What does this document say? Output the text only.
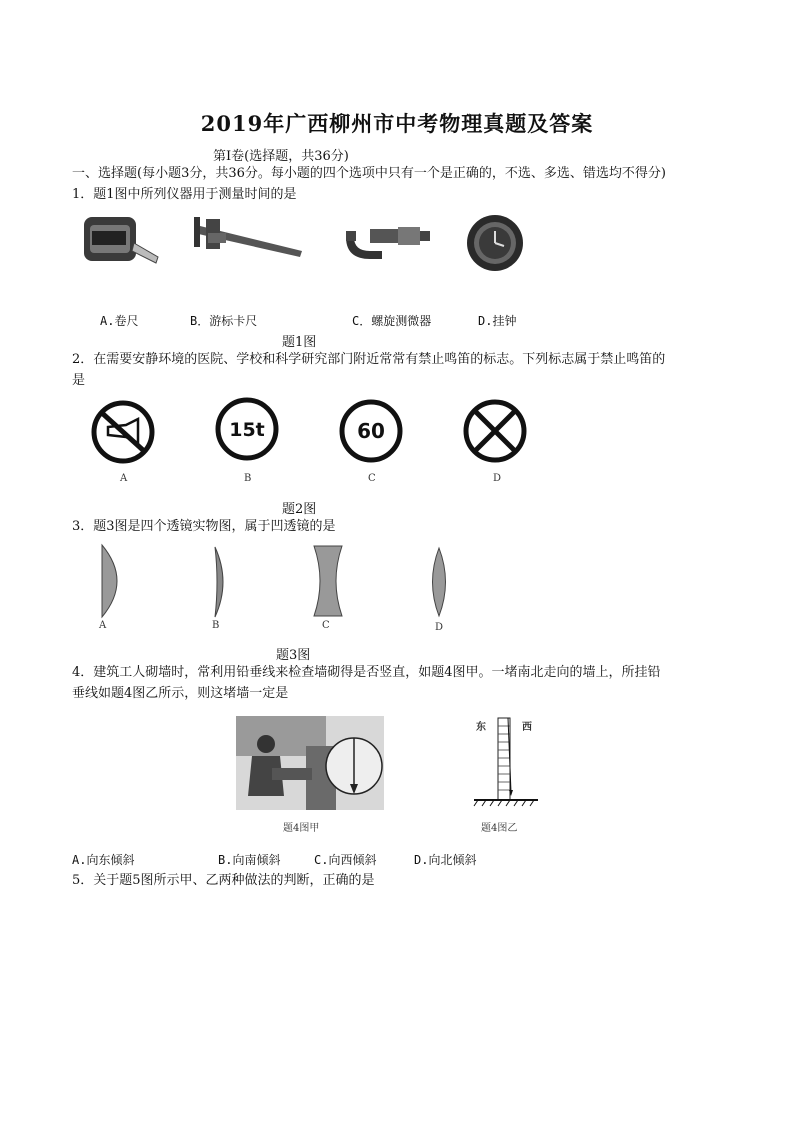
2019年广西柳州市中考物理真题及答案
第Ⅰ卷(选择题，共36分)
一、选择题(每小题3分，共36分。每小题的四个选项中只有一个是正确的，不选、多选、错选均不得分)
1．题1图中所列仪器用于测量时间的是
A.卷尺	B．游标卡尺	C．螺旋测微器	D.挂钟
题1图
2．在需要安静环境的医院、学校和科学研究部门附近常常有禁止鸣笛的标志。下列标志属于禁止鸣笛的
是
15t	60
A	B	C	D
题2图
3．题3图是四个透镜实物图，属于凹透镜的是
A	B	C	D
题3图
4．建筑工人砌墙时，常利用铅垂线来检查墙砌得是否竖直，如题4图甲。一堵南北走向的墙上，所挂铅
垂线如题4图乙所示，则这堵墙一定是
题4图甲
东	西
题4图乙
A.向东倾斜	B.向南倾斜	C.向西倾斜	D.向北倾斜
5．关于题5图所示甲、乙两种做法的判断，正确的是
